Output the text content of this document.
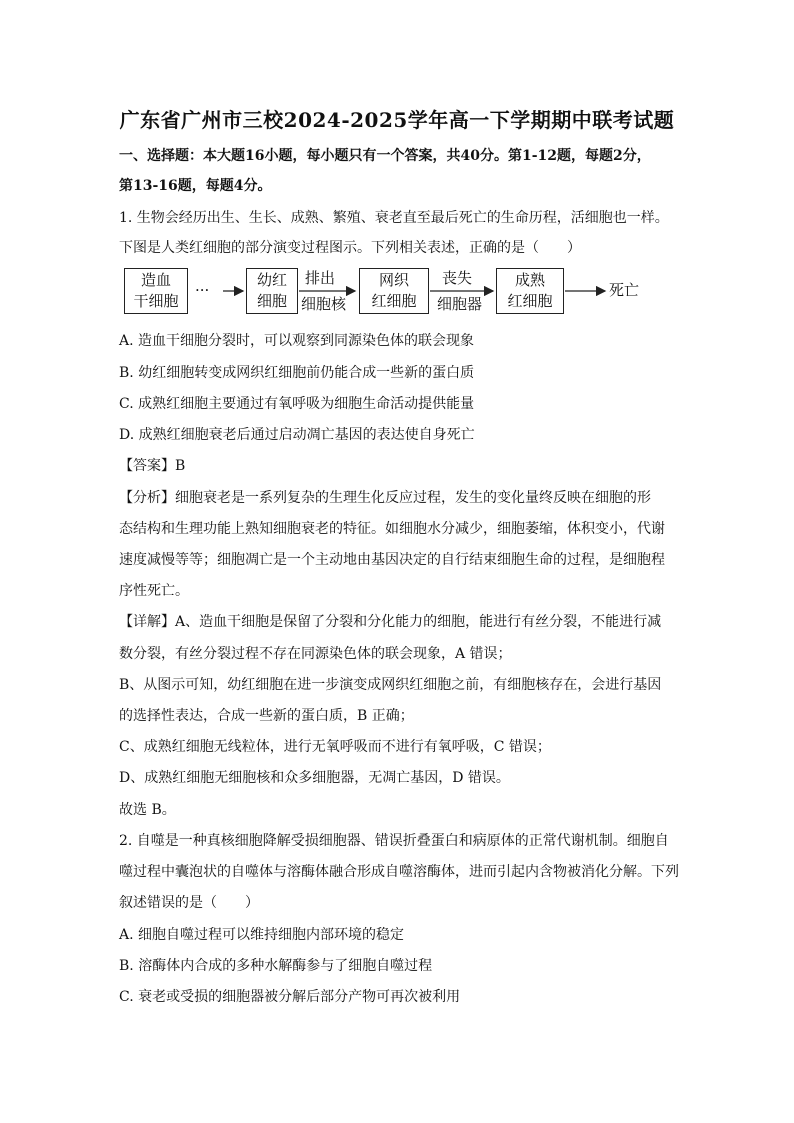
广东省广州市三校2024-2025学年高一下学期期中联考试题
一、选择题：本大题16小题，每小题只有一个答案，共40分。第1-12题，每题2分，
第13-16题，每题4分。
1. 生物会经历出生、生长、成熟、繁殖、衰老直至最后死亡的生命历程，活细胞也一样。
下图是人类红细胞的部分演变过程图示。下列相关表述，正确的是（　　）
造血
干细胞
···
幼红
细胞
排出
细胞核
网织
红细胞
丧失
细胞器
成熟
红细胞
死亡
A. 造血干细胞分裂时，可以观察到同源染色体的联会现象
B. 幼红细胞转变成网织红细胞前仍能合成一些新的蛋白质
C. 成熟红细胞主要通过有氧呼吸为细胞生命活动提供能量
D. 成熟红细胞衰老后通过启动凋亡基因的表达使自身死亡
【答案】B
【分析】细胞衰老是一系列复杂的生理生化反应过程，发生的变化量终反映在细胞的形
态结构和生理功能上熟知细胞衰老的特征。如细胞水分减少，细胞萎缩，体积变小，代谢
速度减慢等等；细胞凋亡是一个主动地由基因决定的自行结束细胞生命的过程，是细胞程
序性死亡。
【详解】A、造血干细胞是保留了分裂和分化能力的细胞，能进行有丝分裂，不能进行减
数分裂，有丝分裂过程不存在同源染色体的联会现象，A 错误；
B、从图示可知，幼红细胞在进一步演变成网织红细胞之前，有细胞核存在，会进行基因
的选择性表达，合成一些新的蛋白质，B 正确；
C、成熟红细胞无线粒体，进行无氧呼吸而不进行有氧呼吸，C 错误；
D、成熟红细胞无细胞核和众多细胞器，无凋亡基因，D 错误。
故选 B。
2. 自噬是一种真核细胞降解受损细胞器、错误折叠蛋白和病原体的正常代谢机制。细胞自
噬过程中囊泡状的自噬体与溶酶体融合形成自噬溶酶体，进而引起内含物被消化分解。下列
叙述错误的是（　　）
A. 细胞自噬过程可以维持细胞内部环境的稳定
B. 溶酶体内合成的多种水解酶参与了细胞自噬过程
C. 衰老或受损的细胞器被分解后部分产物可再次被利用
